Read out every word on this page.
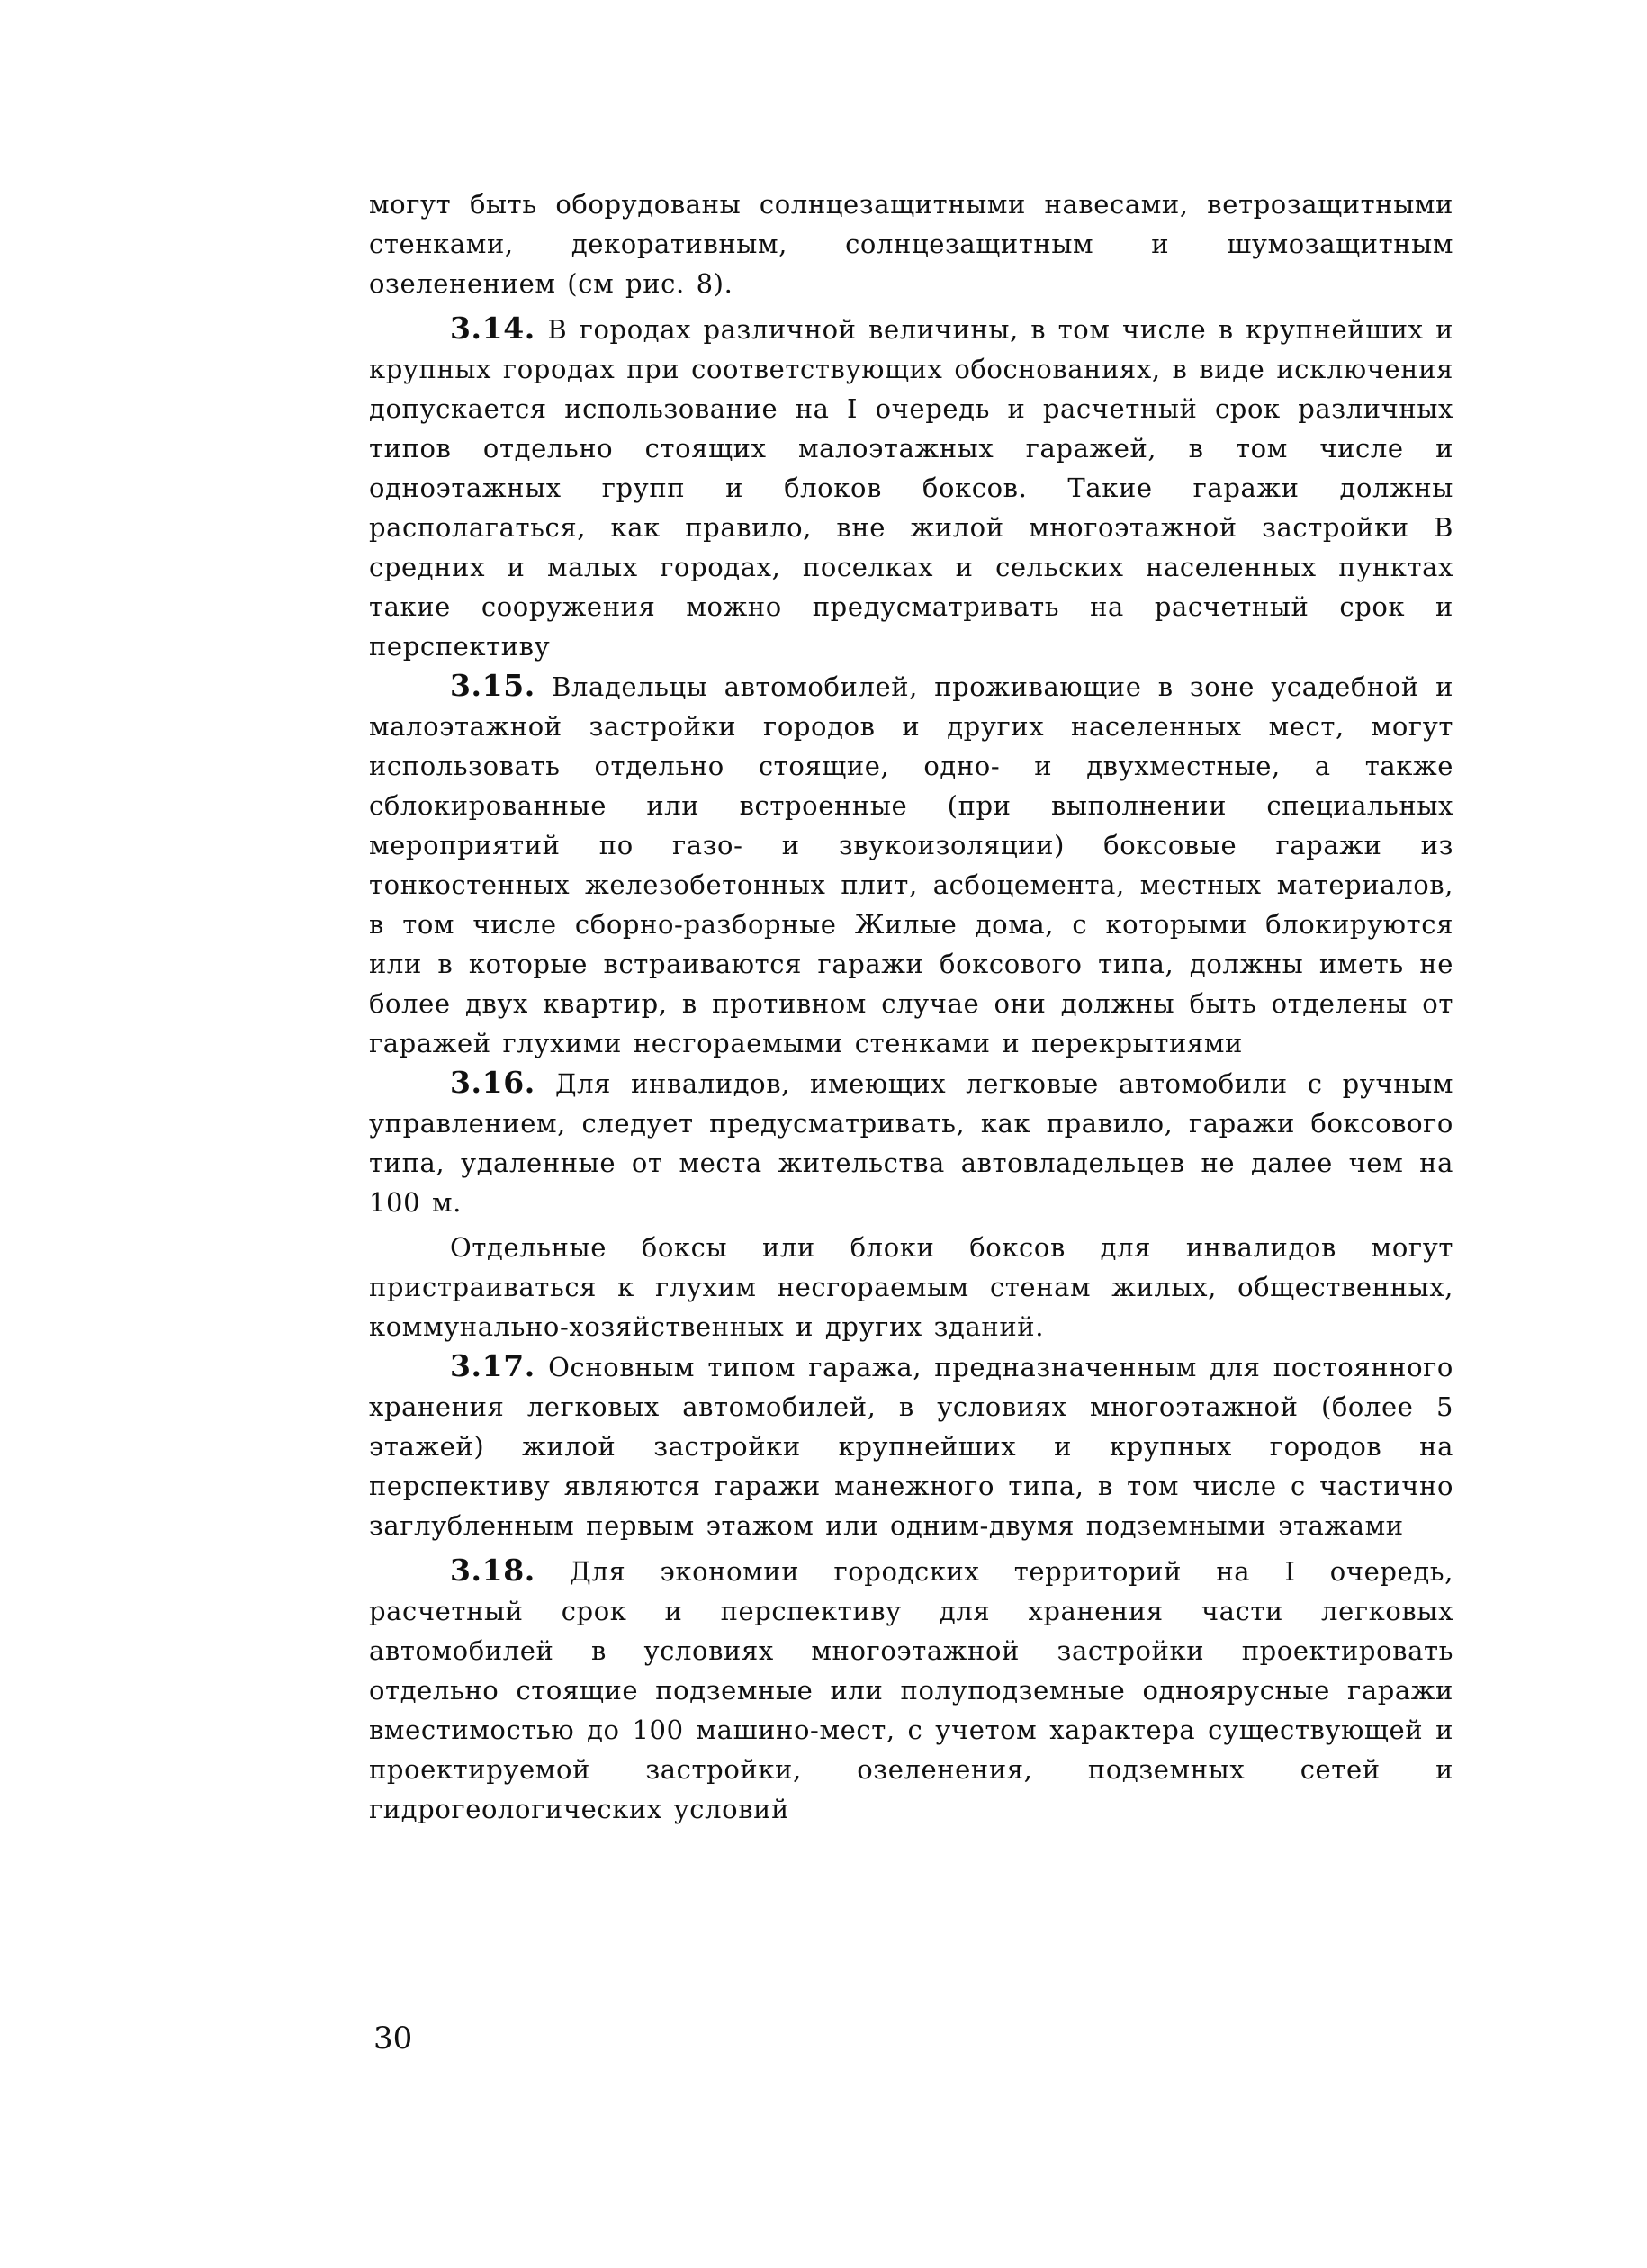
могут быть оборудованы солнцезащитными навесами, ветрозащитными стенками, декоративным, солнцезащитным и шумозащитным озеленением (см рис. 8).

3.14. В городах различной величины, в том числе в крупнейших и крупных городах при соответствующих обоснованиях, в виде исключения допускается использование на I очередь и расчетный срок различных типов отдельно стоящих малоэтажных гаражей, в том числе и одноэтажных групп и блоков боксов. Такие гаражи должны располагаться, как правило, вне жилой многоэтажной застройки В средних и малых городах, поселках и сельских населенных пунктах такие сооружения можно предусматривать на расчетный срок и перспективу

3.15. Владельцы автомобилей, проживающие в зоне усадебной и малоэтажной застройки городов и других населенных мест, могут использовать отдельно стоящие, одно- и двухместные, а также сблокированные или встроенные (при выполнении специальных мероприятий по газо- и звукоизоляции) боксовые гаражи из тонкостенных железобетонных плит, асбоцемента, местных материалов, в том числе сборно-разборные Жилые дома, с которыми блокируются или в которые встраиваются гаражи боксового типа, должны иметь не более двух квартир, в противном случае они должны быть отделены от гаражей глухими несгораемыми стенками и перекрытиями

3.16. Для инвалидов, имеющих легковые автомобили с ручным управлением, следует предусматривать, как правило, гаражи боксового типа, удаленные от места жительства автовладельцев не далее чем на 100 м.

Отдельные боксы или блоки боксов для инвалидов могут пристраиваться к глухим несгораемым стенам жилых, общественных, коммунально-хозяйственных и других зданий.

3.17. Основным типом гаража, предназначенным для постоянного хранения легковых автомобилей, в условиях многоэтажной (более 5 этажей) жилой застройки крупнейших и крупных городов на перспективу являются гаражи манежного типа, в том числе с частично заглубленным первым этажом или одним-двумя подземными этажами

3.18. Для экономии городских территорий на I очередь, расчетный срок и перспективу для хранения части легковых автомобилей в условиях многоэтажной застройки проектировать отдельно стоящие подземные или полуподземные одноярусные гаражи вместимостью до 100 машино-мест, с учетом характера существующей и проектируемой застройки, озеленения, подземных сетей и гидрогеологических условий

30
